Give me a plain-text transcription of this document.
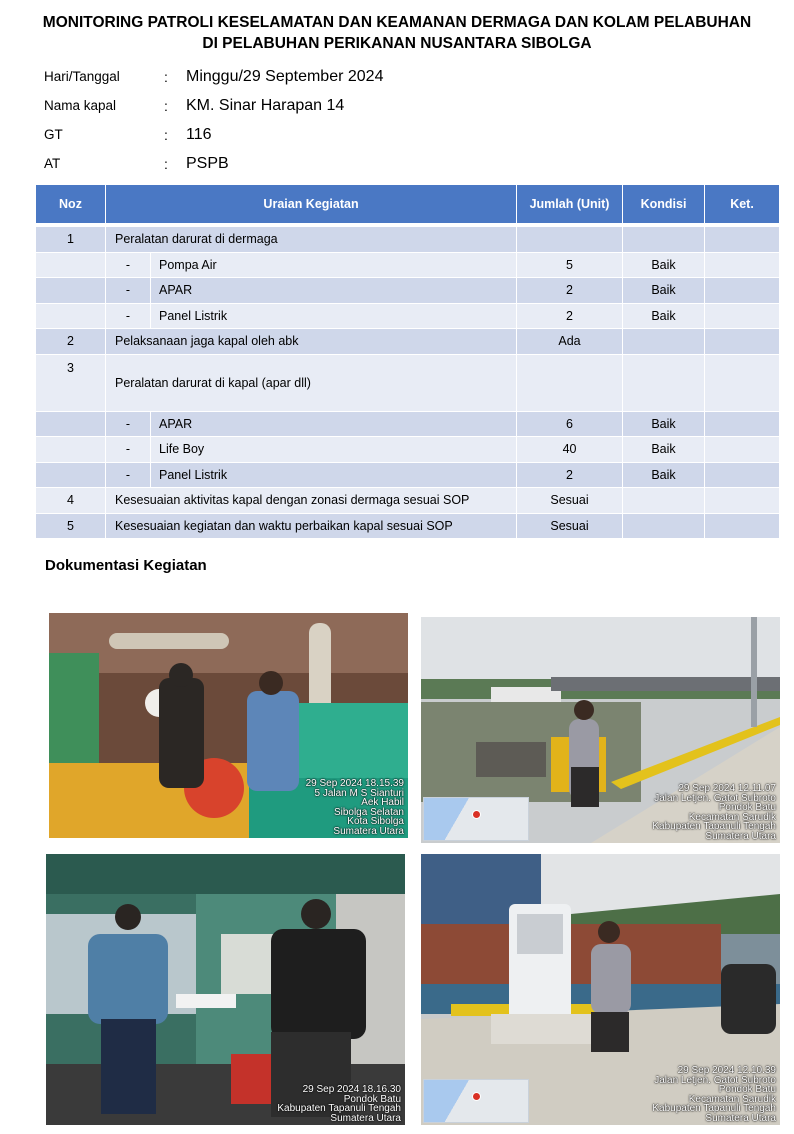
MONITORING PATROLI KESELAMATAN DAN KEAMANAN DERMAGA DAN KOLAM PELABUHAN
DI PELABUHAN PERIKANAN NUSANTARA SIBOLGA
Hari/Tanggal	: Minggu/29 September 2024
Nama kapal	: KM. Sinar Harapan 14
GT	: 116
AT	: PSPB
Noz	Uraian Kegiatan		Jumlah (Unit)	Kondisi	Ket.
1	Peralatan darurat di dermaga				
	-	Pompa Air	5	Baik	
	-	APAR	2	Baik	
	-	Panel Listrik	2	Baik	
2	Pelaksanaan jaga kapal oleh abk		Ada		
3	Peralatan darurat di kapal (apar dll)				
	-	APAR	6	Baik	
	-	Life Boy	40	Baik	
	-	Panel Listrik	2	Baik	
4	Kesesuaian aktivitas kapal dengan zonasi dermaga sesuai SOP		Sesuai		
5	Kesesuaian kegiatan dan waktu perbaikan kapal sesuai SOP		Sesuai		
Dokumentasi Kegiatan
29 Sep 2024 18.15.39
5 Jalan M S Sianturi
Aek Habil
Sibolga Selatan
Kota Sibolga
Sumatera Utara
29 Sep 2024 12.11.07
Jalan Letjen. Gatot Subroto
Pondok Batu
Kecamatan Sarudik
Kabupaten Tapanuli Tengah
Sumatera Utara
29 Sep 2024 18.16.30
Pondok Batu
Kabupaten Tapanuli Tengah
Sumatera Utara
29 Sep 2024 12.10.39
Jalan Letjen. Gatot Subroto
Pondok Batu
Kecamatan Sarudik
Kabupaten Tapanuli Tengah
Sumatera Utara
